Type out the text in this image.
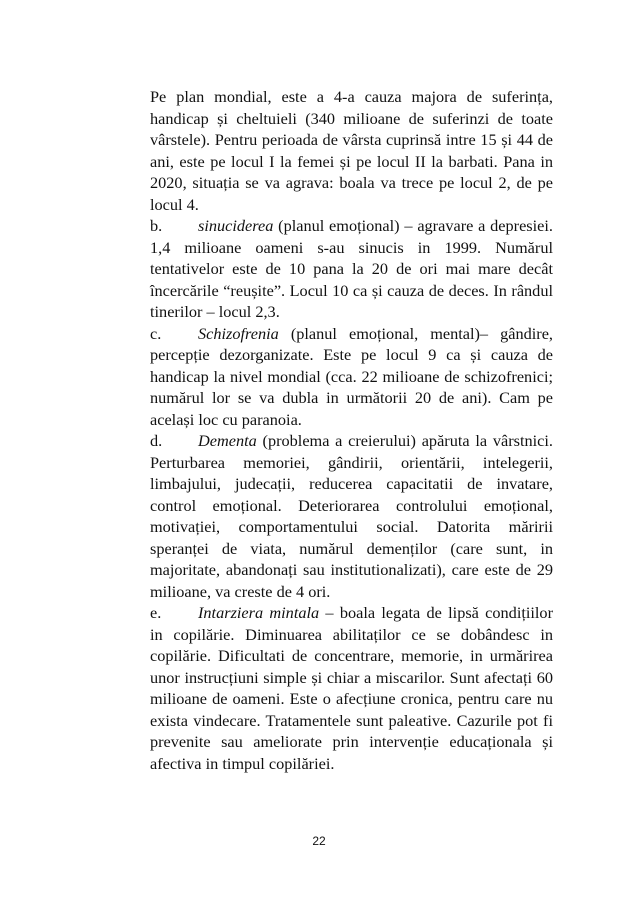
Pe plan mondial, este a 4-a cauza majora de suferința, handicap și cheltuieli (340 milioane de suferinzi de toate vârstele). Pentru perioada de vârsta cuprinsă intre 15 și 44 de ani, este pe locul I la femei și pe locul II la barbati. Pana in 2020, situația se va agrava: boala va trece pe locul 2, de pe locul 4.

b. sinuciderea (planul emoțional) – agravare a depresiei. 1,4 milioane oameni s-au sinucis in 1999. Numărul tentativelor este de 10 pana la 20 de ori mai mare decât încercările “reușite”. Locul 10 ca și cauza de deces. In rândul tinerilor – locul 2,3.

c. Schizofrenia (planul emoțional, mental)– gândire, percepție dezorganizate. Este pe locul 9 ca și cauza de handicap la nivel mondial (cca. 22 milioane de schizofrenici; numărul lor se va dubla in următorii 20 de ani). Cam pe același loc cu paranoia.

d. Dementa (problema a creierului) apăruta la vârstnici. Perturbarea memoriei, gândirii, orientării, intelegerii, limbajului, judecații, reducerea capacitatii de invatare, control emoțional. Deteriorarea controlului emoțional, motivației, comportamentului social. Datorita măririi speranței de viata, numărul demenților (care sunt, in majoritate, abandonați sau institutionalizati), care este de 29 milioane, va creste de 4 ori.

e. Intarziera mintala – boala legata de lipsă condițiilor in copilărie. Diminuarea abilitaților ce se dobândesc in copilărie. Dificultati de concentrare, memorie, in urmărirea unor instrucțiuni simple și chiar a miscarilor. Sunt afectați 60 milioane de oameni. Este o afecțiune cronica, pentru care nu exista vindecare. Tratamentele sunt paleative. Cazurile pot fi prevenite sau ameliorate prin intervenție educaționala și afectiva in timpul copilăriei.

22
